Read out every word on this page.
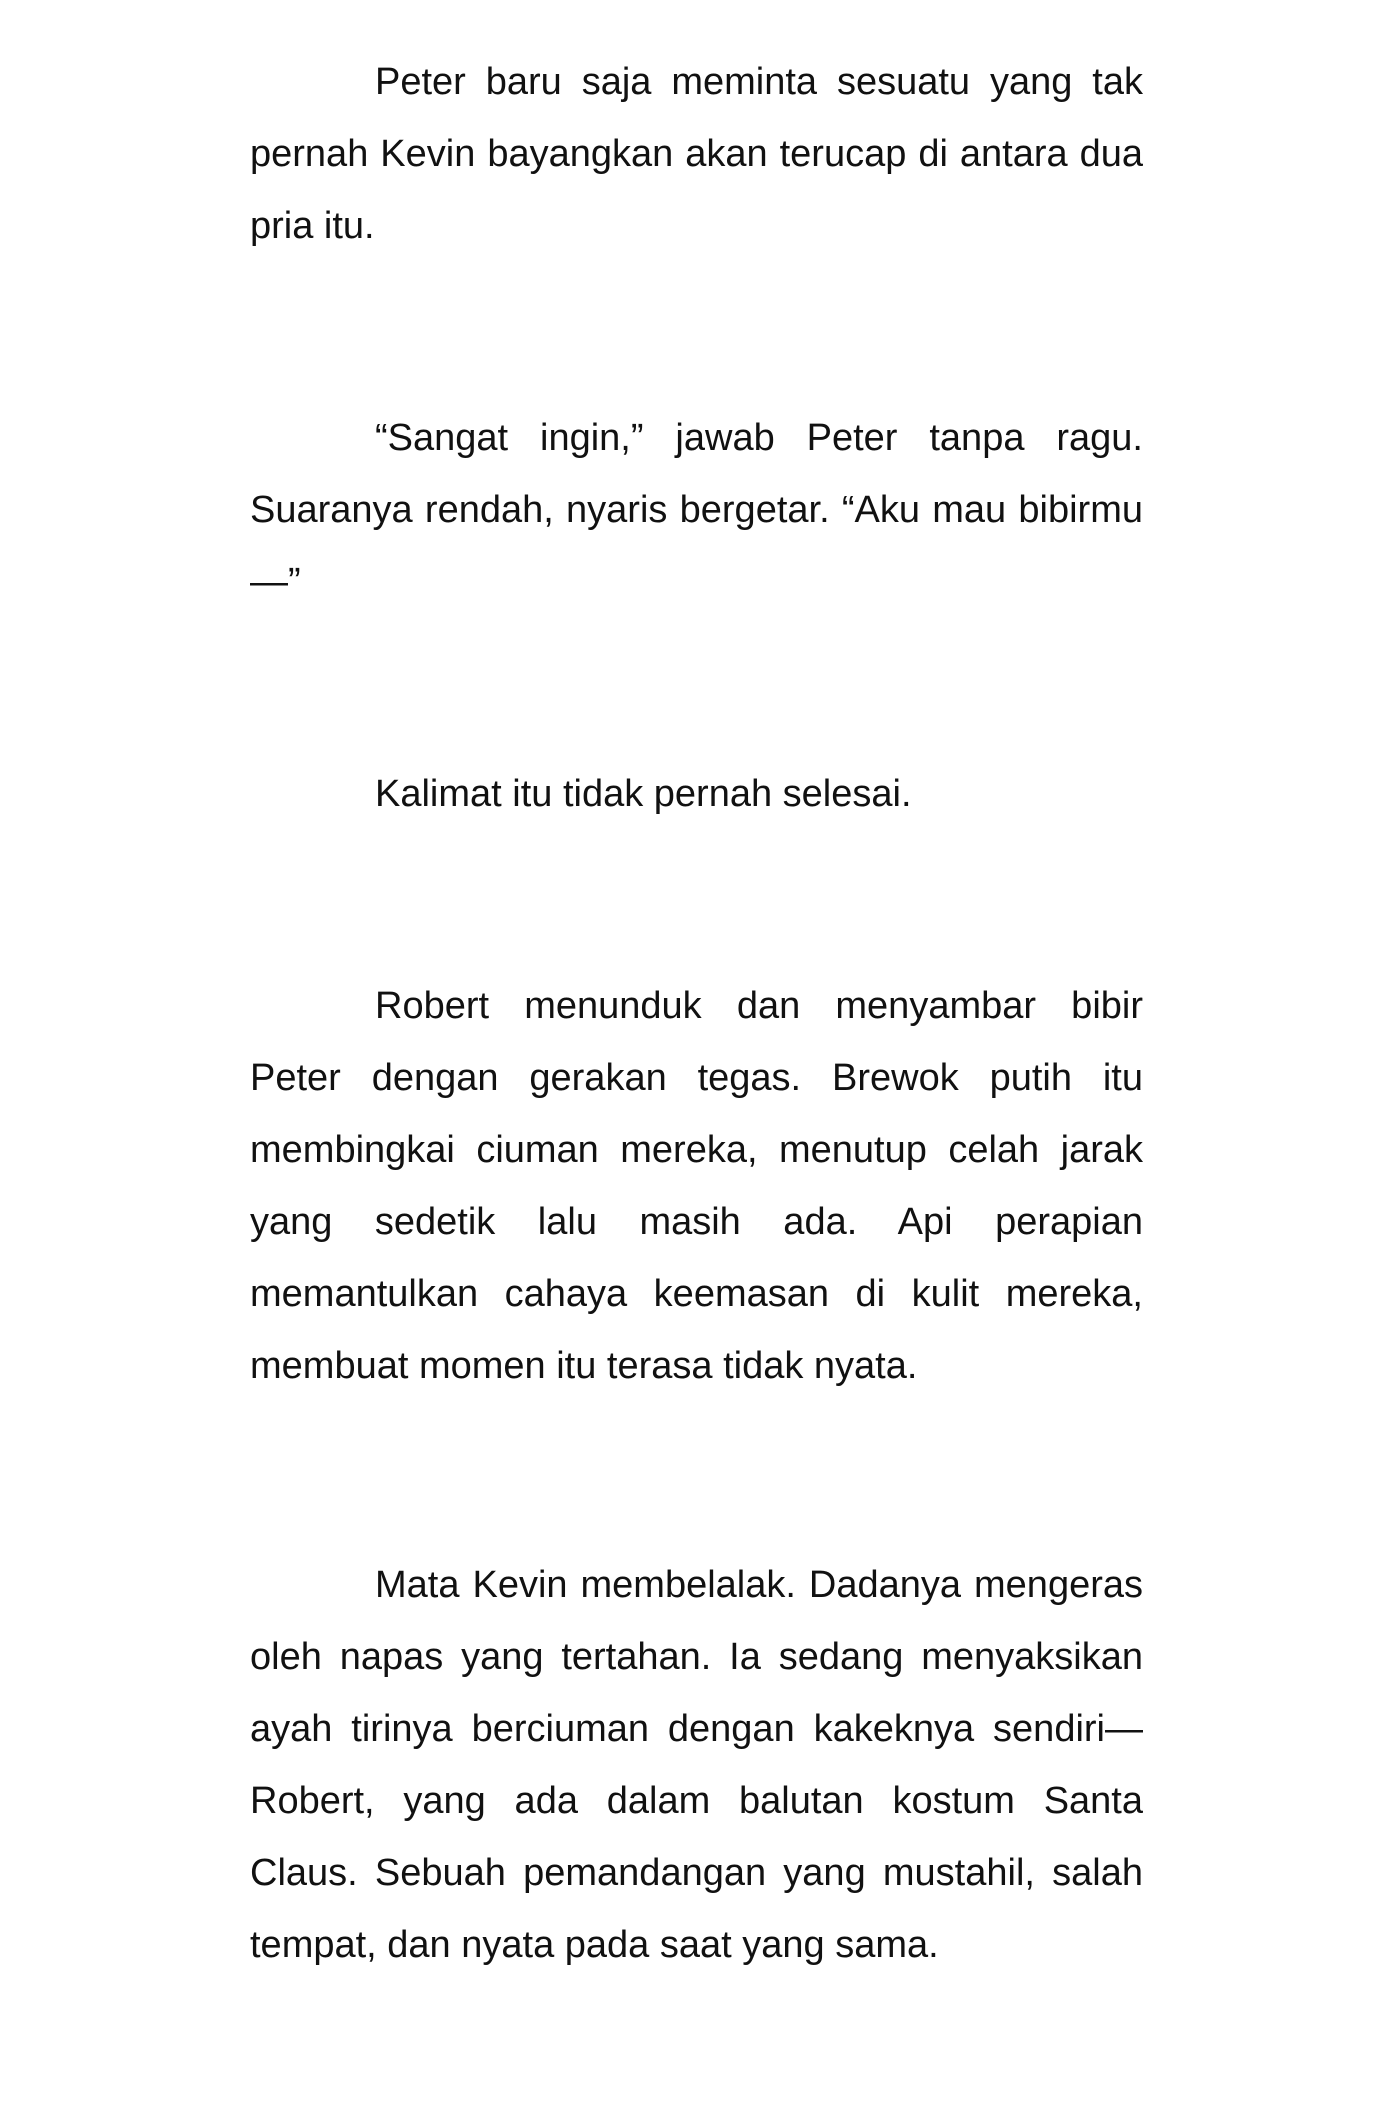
Peter baru saja meminta sesuatu yang tak pernah Kevin bayangkan akan terucap di antara dua pria itu.

“Sangat ingin,” jawab Peter tanpa ragu. Suaranya rendah, nyaris bergetar. “Aku mau bibirmu—”

Kalimat itu tidak pernah selesai.

Robert menunduk dan menyambar bibir Peter dengan gerakan tegas. Brewok putih itu membingkai ciuman mereka, menutup celah jarak yang sedetik lalu masih ada. Api perapian memantulkan cahaya keemasan di kulit mereka, membuat momen itu terasa tidak nyata.

Mata Kevin membelalak. Dadanya mengeras oleh napas yang tertahan. Ia sedang menyaksikan ayah tirinya berciuman dengan kakeknya sendiri—Robert, yang ada dalam balutan kostum Santa Claus. Sebuah pemandangan yang mustahil, salah tempat, dan nyata pada saat yang sama.
